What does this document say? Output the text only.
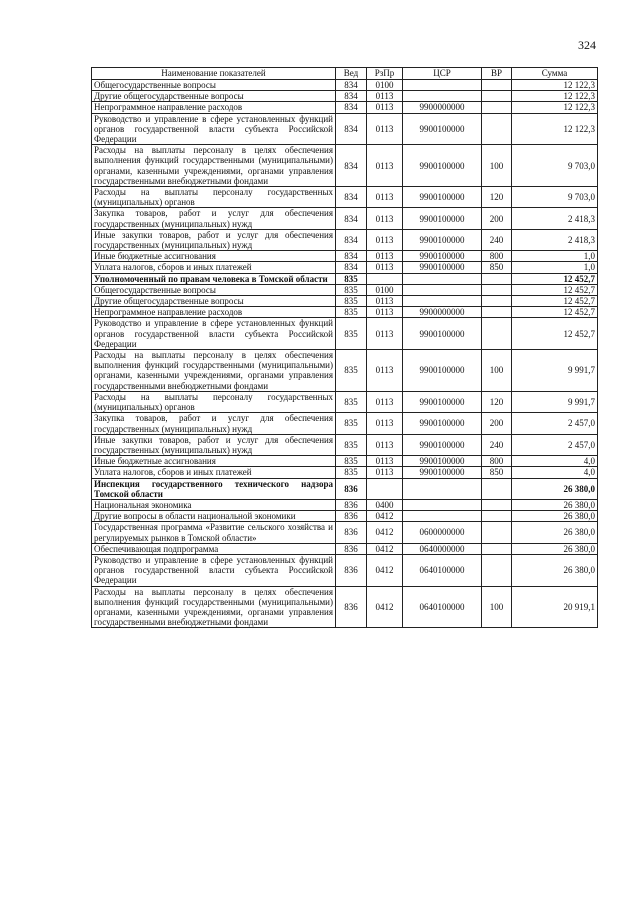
324
Наименование показателей	Вед	РзПр	ЦСР	ВР	Сумма
Общегосударственные вопросы	834	0100			12 122,3
Другие общегосударственные вопросы	834	0113			12 122,3
Непрограммное направление расходов	834	0113	9900000000		12 122,3
Руководство и управление в сфере установленных функций органов государственной власти субъекта Российской Федерации	834	0113	9900100000		12 122,3
Расходы на выплаты персоналу в целях обеспечения выполнения функций государственными (муниципальными) органами, казенными учреждениями, органами управления государственными внебюджетными фондами	834	0113	9900100000	100	9 703,0
Расходы на выплаты персоналу государственных (муниципальных) органов	834	0113	9900100000	120	9 703,0
Закупка товаров, работ и услуг для обеспечения государственных (муниципальных) нужд	834	0113	9900100000	200	2 418,3
Иные закупки товаров, работ и услуг для обеспечения государственных (муниципальных) нужд	834	0113	9900100000	240	2 418,3
Иные бюджетные ассигнования	834	0113	9900100000	800	1,0
Уплата налогов, сборов и иных платежей	834	0113	9900100000	850	1,0
Уполномоченный по правам человека в Томской области	835				12 452,7
Общегосударственные вопросы	835	0100			12 452,7
Другие общегосударственные вопросы	835	0113			12 452,7
Непрограммное направление расходов	835	0113	9900000000		12 452,7
Руководство и управление в сфере установленных функций органов государственной власти субъекта Российской Федерации	835	0113	9900100000		12 452,7
Расходы на выплаты персоналу в целях обеспечения выполнения функций государственными (муниципальными) органами, казенными учреждениями, органами управления государственными внебюджетными фондами	835	0113	9900100000	100	9 991,7
Расходы на выплаты персоналу государственных (муниципальных) органов	835	0113	9900100000	120	9 991,7
Закупка товаров, работ и услуг для обеспечения государственных (муниципальных) нужд	835	0113	9900100000	200	2 457,0
Иные закупки товаров, работ и услуг для обеспечения государственных (муниципальных) нужд	835	0113	9900100000	240	2 457,0
Иные бюджетные ассигнования	835	0113	9900100000	800	4,0
Уплата налогов, сборов и иных платежей	835	0113	9900100000	850	4,0
Инспекция государственного технического надзора Томской области	836				26 380,0
Национальная экономика	836	0400			26 380,0
Другие вопросы в области национальной экономики	836	0412			26 380,0
Государственная программа «Развитие сельского хозяйства и регулируемых рынков в Томской области»	836	0412	0600000000		26 380,0
Обеспечивающая подпрограмма	836	0412	0640000000		26 380,0
Руководство и управление в сфере установленных функций органов государственной власти субъекта Российской Федерации	836	0412	0640100000		26 380,0
Расходы на выплаты персоналу в целях обеспечения выполнения функций государственными (муниципальными) органами, казенными учреждениями, органами управления государственными внебюджетными фондами	836	0412	0640100000	100	20 919,1
